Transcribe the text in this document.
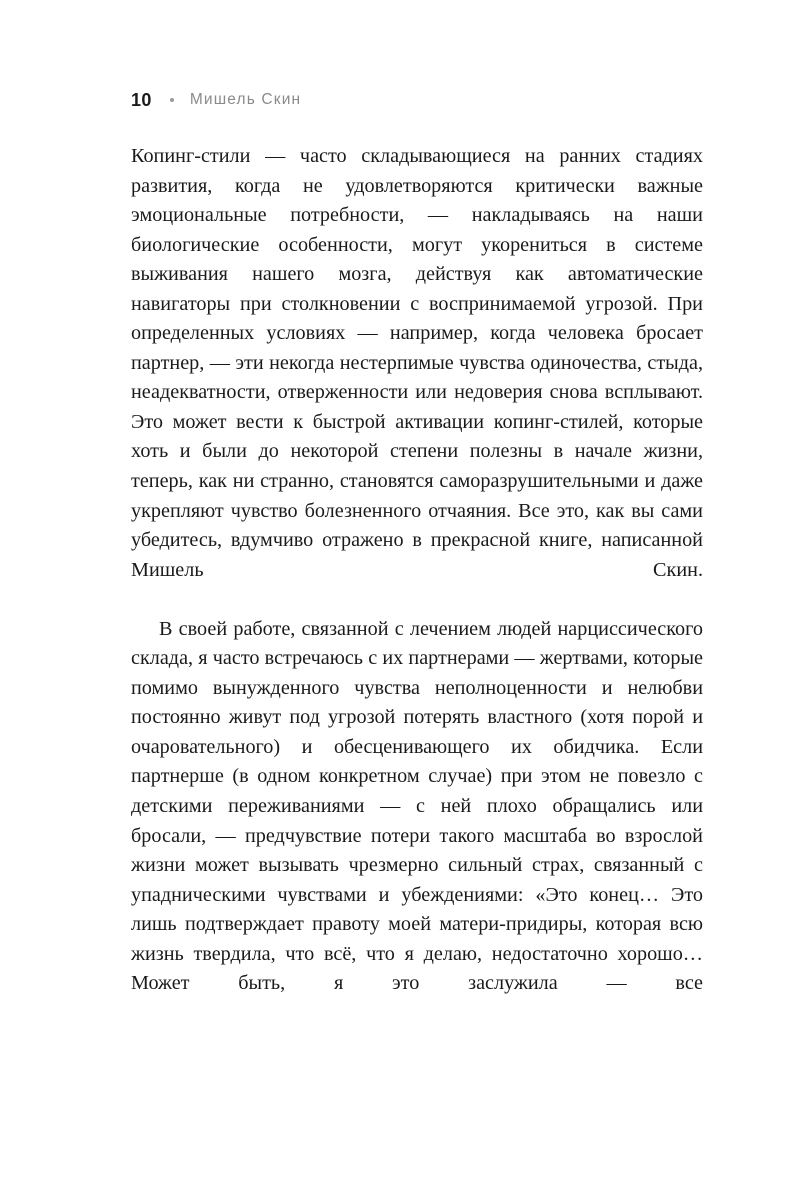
10 Мишель Скин

Копинг-стили — часто складывающиеся на ранних стадиях развития, когда не удовлетворяются критически важные эмоциональные потребности, — накладываясь на наши биологические особенности, могут укорениться в системе выживания нашего мозга, действуя как автоматические навигаторы при столкновении с воспринимаемой угрозой. При определенных условиях — например, когда человека бросает партнер, — эти некогда нестерпимые чувства одиночества, стыда, неадекватности, отверженности или недоверия снова всплывают. Это может вести к быстрой активации копинг-стилей, которые хоть и были до некоторой степени полезны в начале жизни, теперь, как ни странно, становятся саморазрушительными и даже укрепляют чувство болезненного отчаяния. Все это, как вы сами убедитесь, вдумчиво отражено в прекрасной книге, написанной Мишель Скин.

В своей работе, связанной с лечением людей нарциссического склада, я часто встречаюсь с их партнерами — жертвами, которые помимо вынужденного чувства неполноценности и нелюбви постоянно живут под угрозой потерять властного (хотя порой и очаровательного) и обесценивающего их обидчика. Если партнерше (в одном конкретном случае) при этом не повезло с детскими переживаниями — с ней плохо обращались или бросали, — предчувствие потери такого масштаба во взрослой жизни может вызывать чрезмерно сильный страх, связанный с упадническими чувствами и убеждениями: «Это конец… Это лишь подтверждает правоту моей матери-придиры, которая всю жизнь твердила, что всё, что я делаю, недостаточно хорошо… Может быть, я это заслужила — все
